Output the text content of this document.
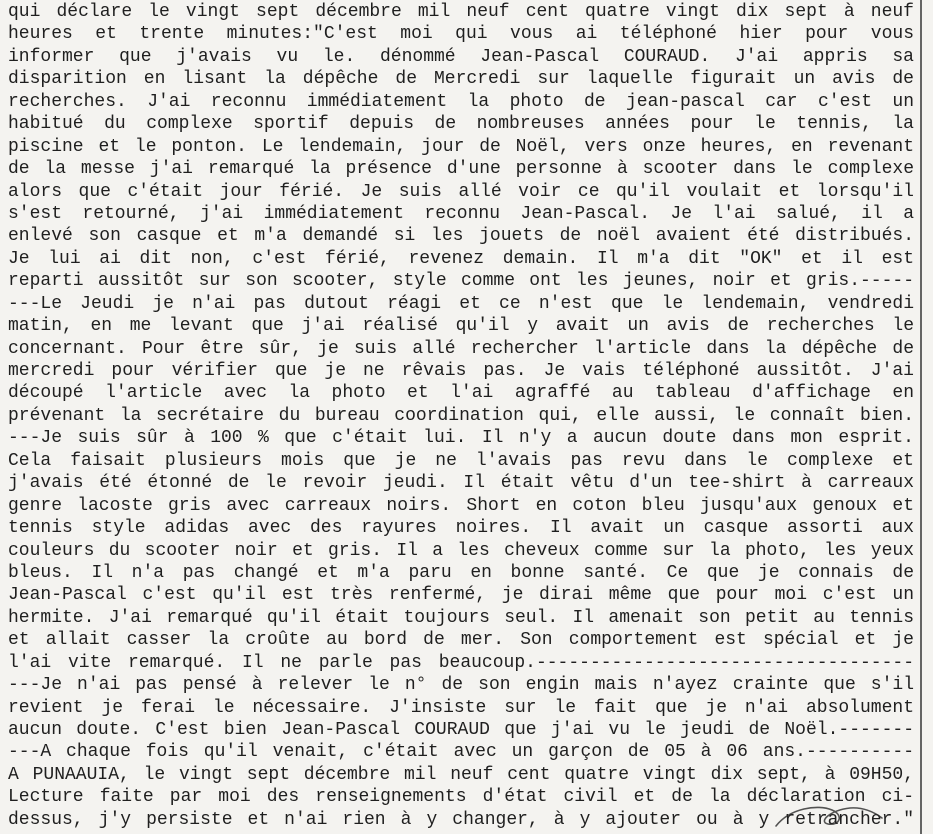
qui déclare le vingt sept décembre mil neuf cent quatre vingt dix sept à neuf
heures et trente minutes:"C'est moi qui vous ai téléphoné hier pour vous
informer que j'avais vu le. dénommé Jean-Pascal COURAUD. J'ai appris sa
disparition en lisant la dépêche de Mercredi sur laquelle figurait un avis de
recherches. J'ai reconnu immédiatement la photo de jean-pascal car c'est un
habitué du complexe sportif depuis de nombreuses années pour le tennis, la
piscine et le ponton. Le lendemain, jour de Noël, vers onze heures, en revenant
de la messe j'ai remarqué la présence d'une personne à scooter dans le complexe
alors que c'était jour férié. Je suis allé voir ce qu'il voulait et lorsqu'il
s'est retourné, j'ai immédiatement reconnu Jean-Pascal. Je l'ai salué, il a
enlevé son casque et m'a demandé si les jouets de noël avaient été distribués.
Je lui ai dit non, c'est férié, revenez demain. Il m'a dit "OK" et il est
reparti aussitôt sur son scooter, style comme ont les jeunes, noir et gris.-----
---Le Jeudi je n'ai pas dutout réagi et ce n'est que le lendemain, vendredi
matin, en me levant que j'ai réalisé qu'il y avait un avis de recherches le
concernant. Pour être sûr, je suis allé rechercher l'article dans la dépêche de
mercredi pour vérifier que je ne rêvais pas. Je vais téléphoné aussitôt. J'ai
découpé l'article avec la photo et l'ai agraffé au tableau d'affichage en
prévenant la secrétaire du bureau coordination qui, elle aussi, le connaît bien.
---Je suis sûr à 100 % que c'était lui. Il n'y a aucun doute dans mon esprit.
Cela faisait plusieurs mois que je ne l'avais pas revu dans le complexe et
j'avais été étonné de le revoir jeudi. Il était vêtu d'un tee-shirt à carreaux
genre lacoste gris avec carreaux noirs. Short en coton bleu jusqu'aux genoux et
tennis style adidas avec des rayures noires. Il avait un casque assorti aux
couleurs du scooter noir et gris. Il a les cheveux comme sur la photo, les yeux
bleus. Il n'a pas changé et m'a paru en bonne santé. Ce que je connais de
Jean-Pascal c'est qu'il est très renfermé, je dirai même que pour moi c'est un
hermite. J'ai remarqué qu'il était toujours seul. Il amenait son petit au tennis
et allait casser la croûte au bord de mer. Son comportement est spécial et je
l'ai vite remarqué. Il ne parle pas beaucoup.-----------------------------------
---Je n'ai pas pensé à relever le n° de son engin mais n'ayez crainte que s'il
revient je ferai le nécessaire. J'insiste sur le fait que je n'ai absolument
aucun doute. C'est bien Jean-Pascal COURAUD que j'ai vu le jeudi de Noël.-------
---A chaque fois qu'il venait, c'était avec un garçon de 05 à 06 ans.----------
A PUNAAUIA, le vingt sept décembre mil neuf cent quatre vingt dix sept, à 09H50,
Lecture faite par moi des renseignements d'état civil et de la déclaration ci-
dessus, j'y persiste et n'ai rien à y changer, à y ajouter ou à y retrancher."
